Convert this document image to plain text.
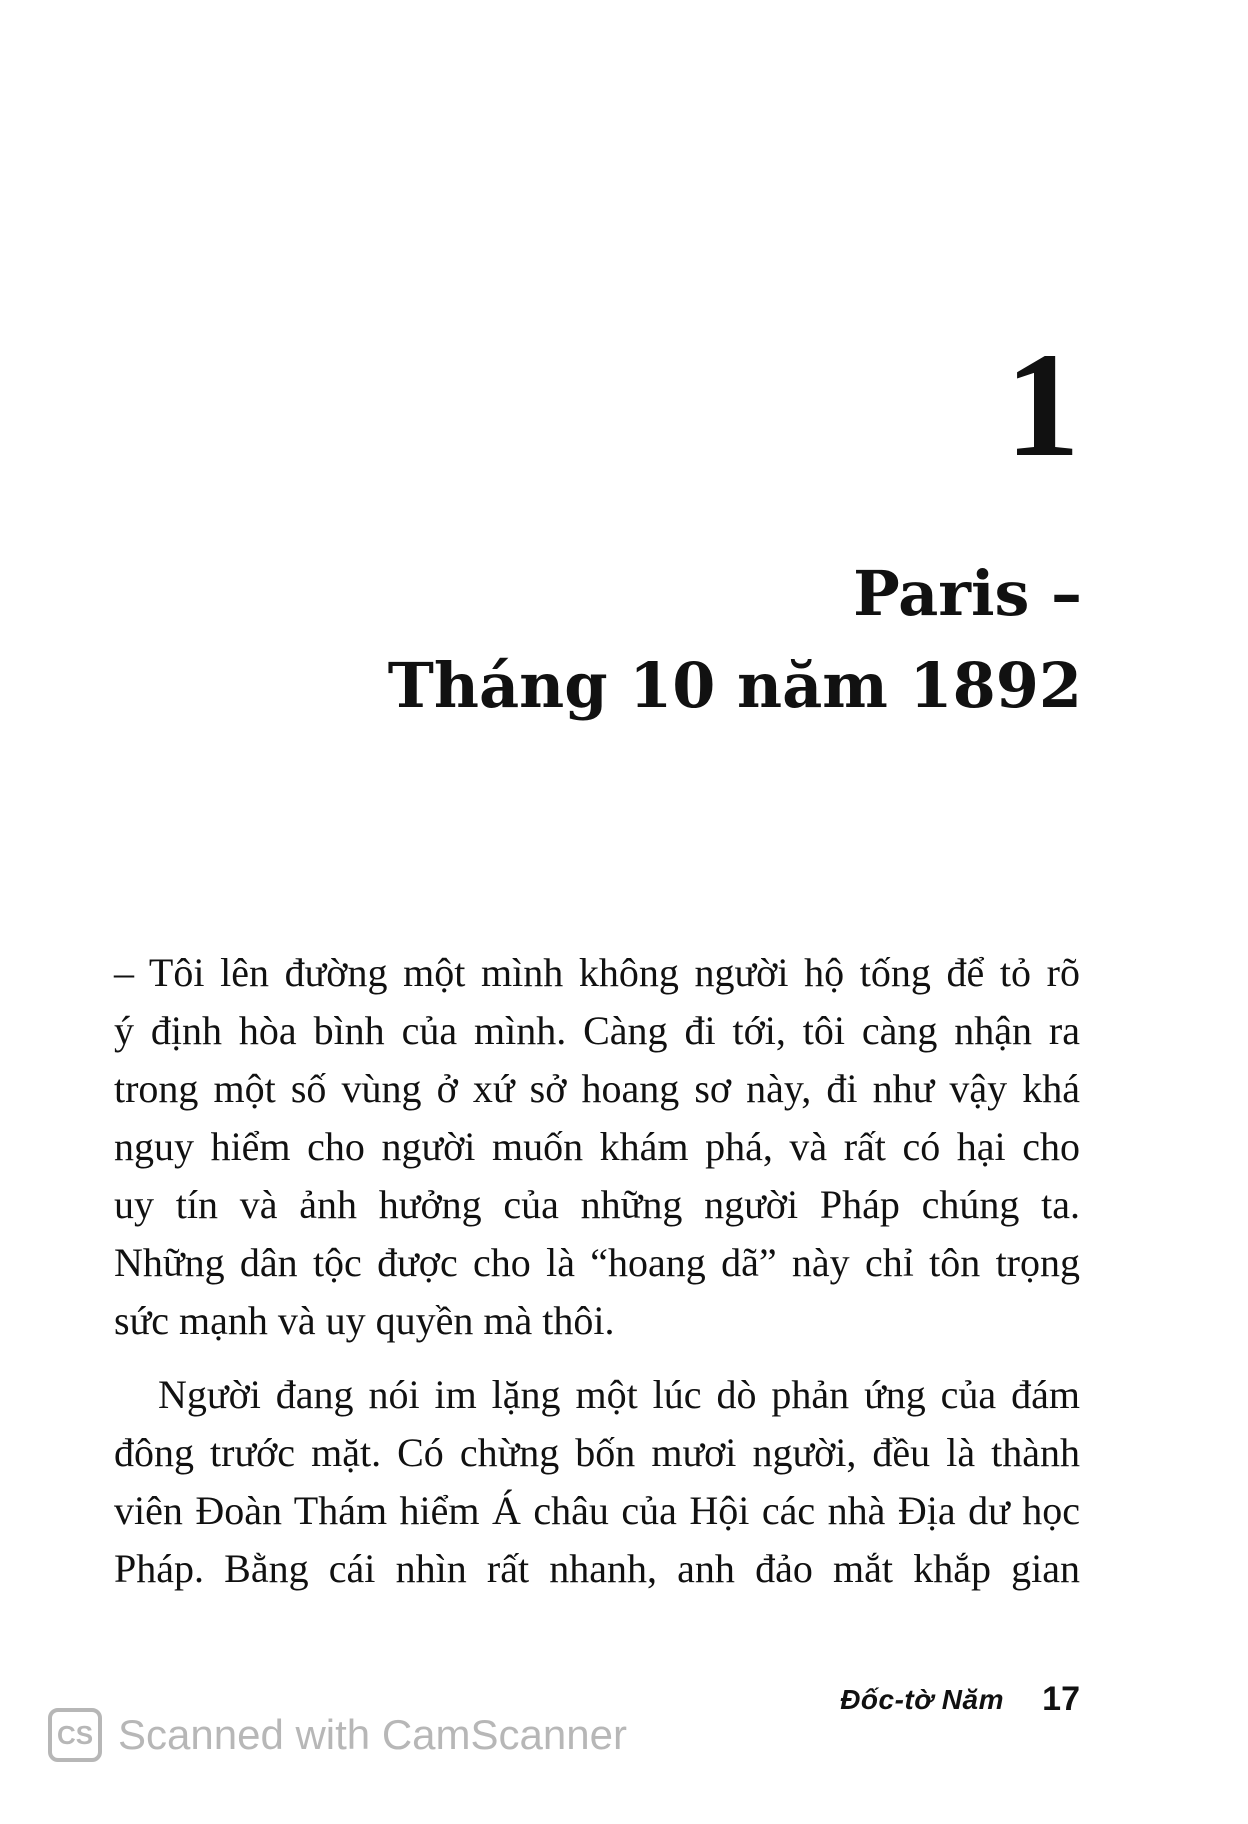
1
Paris –
Tháng 10 năm 1892
– Tôi lên đường một mình không người hộ tống để tỏ rõ
ý định hòa bình của mình. Càng đi tới, tôi càng nhận ra
trong một số vùng ở xứ sở hoang sơ này, đi như vậy khá
nguy hiểm cho người muốn khám phá, và rất có hại cho
uy tín và ảnh hưởng của những người Pháp chúng ta.
Những dân tộc được cho là “hoang dã” này chỉ tôn trọng
sức mạnh và uy quyền mà thôi.
Người đang nói im lặng một lúc dò phản ứng của đám
đông trước mặt. Có chừng bốn mươi người, đều là thành
viên Đoàn Thám hiểm Á châu của Hội các nhà Địa dư học
Pháp. Bằng cái nhìn rất nhanh, anh đảo mắt khắp gian
Đốc-tờ Năm 17
CS Scanned with CamScanner
